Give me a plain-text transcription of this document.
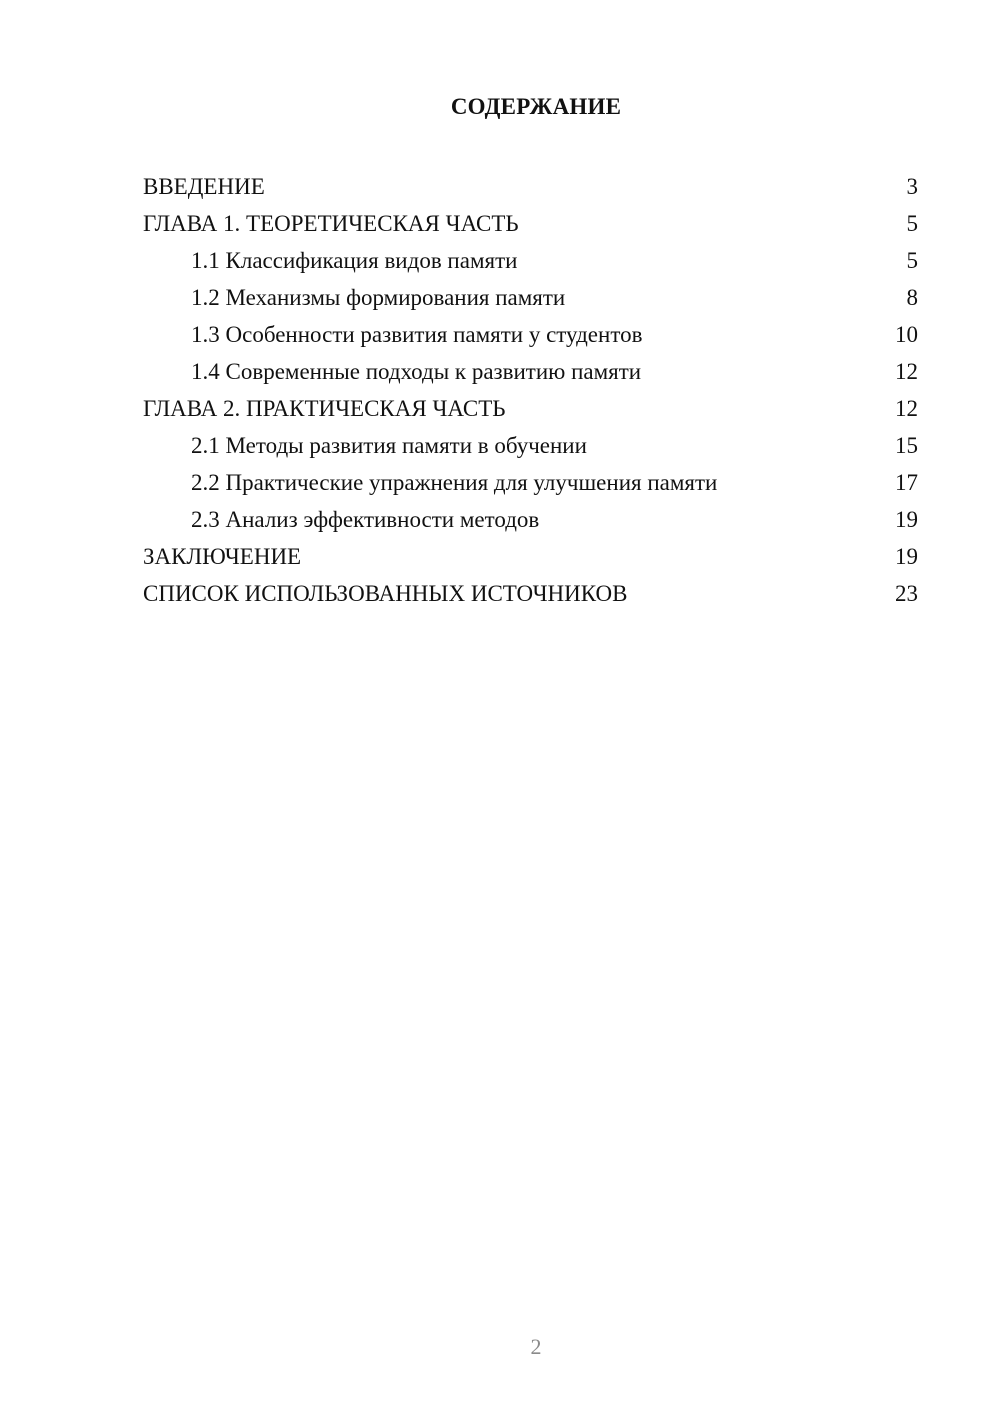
СОДЕРЖАНИЕ
ВВЕДЕНИЕ	3
ГЛАВА 1. ТЕОРЕТИЧЕСКАЯ ЧАСТЬ	5
1.1 Классификация видов памяти	5
1.2 Механизмы формирования памяти	8
1.3 Особенности развития памяти у студентов	10
1.4 Современные подходы к развитию памяти	12
ГЛАВА 2. ПРАКТИЧЕСКАЯ ЧАСТЬ	12
2.1 Методы развития памяти в обучении	15
2.2 Практические упражнения для улучшения памяти	17
2.3 Анализ эффективности методов	19
ЗАКЛЮЧЕНИЕ	19
СПИСОК ИСПОЛЬЗОВАННЫХ ИСТОЧНИКОВ	23
2
